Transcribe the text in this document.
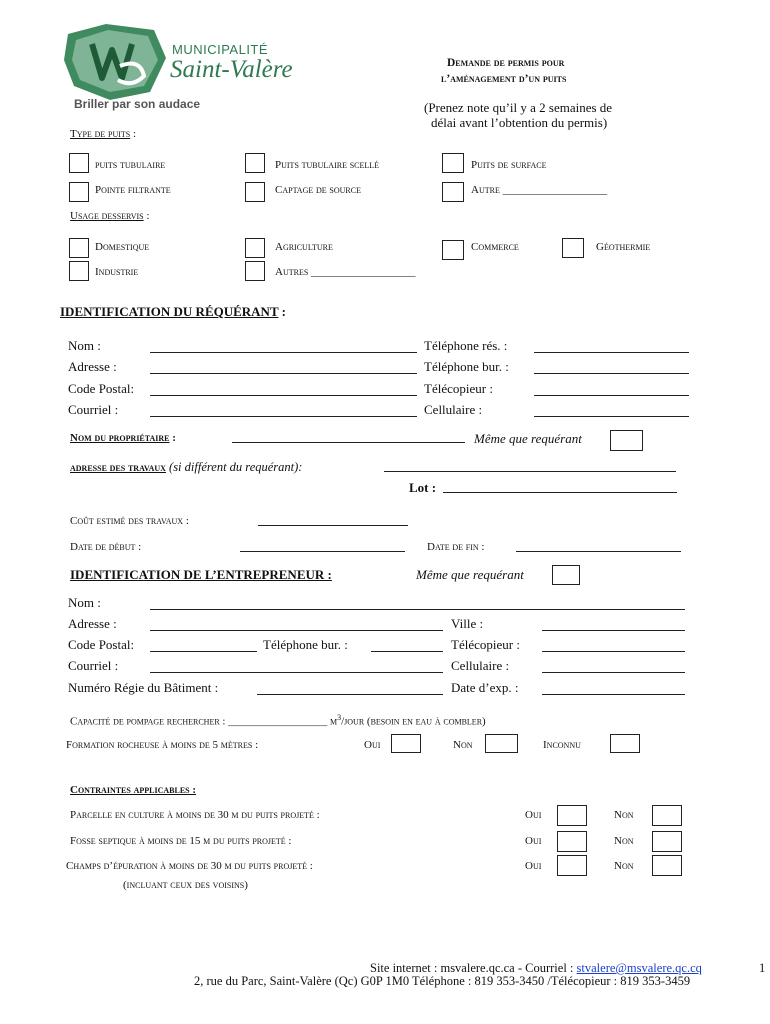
MUNICIPALITÉ
Saint-Valère
Briller par son audace
Demande de permis pour
l’aménagement d’un puits
(Prenez note qu’il y a 2 semaines de
délai avant l’obtention du permis)
Type de puits :
puits tubulaire	Puits tubulaire scellé	Puits de surface
Pointe filtrante	Captage de source	Autre ___________________
Usage desservis :
Domestique	Agriculture	Commerce	Géothermie
Industrie	Autres ___________________
IDENTIFICATION DU RÉQUÉRANT :
Nom :	Téléphone rés. :
Adresse :	Téléphone bur. :
Code Postal:	Télécopieur :
Courriel :	Cellulaire :
Nom du propriétaire :	Même que requérant
adresse des travaux (si différent du requérant):
Lot :
Coût estimé des travaux :
Date de début :	Date de fin :
IDENTIFICATION DE L’ENTREPRENEUR :	Même que requérant
Nom :
Adresse :	Ville :
Code Postal:	Téléphone bur. :	Télécopieur :
Courriel :	Cellulaire :
Numéro Régie du Bâtiment :	Date d’exp. :
Capacité de pompage rechercher : __________________ $m^3$/jour (besoin en eau à combler)
Formation rocheuse à moins de 5 mètres :	Oui	Non	Inconnu
Contraintes applicables :
Parcelle en culture à moins de 30 m du puits projeté :	Oui	Non
Fosse septique à moins de 15 m du puits projeté :	Oui	Non
Champs d’épuration à moins de 30 m du puits projeté :	Oui	Non
(incluant ceux des voisins)
Site internet : msvalere.qc.ca - Courriel : stvalere@msvalere.qc.cq	1
2, rue du Parc, Saint-Valère (Qc) G0P 1M0 Téléphone : 819 353-3450 /Télécopieur : 819 353-3459
